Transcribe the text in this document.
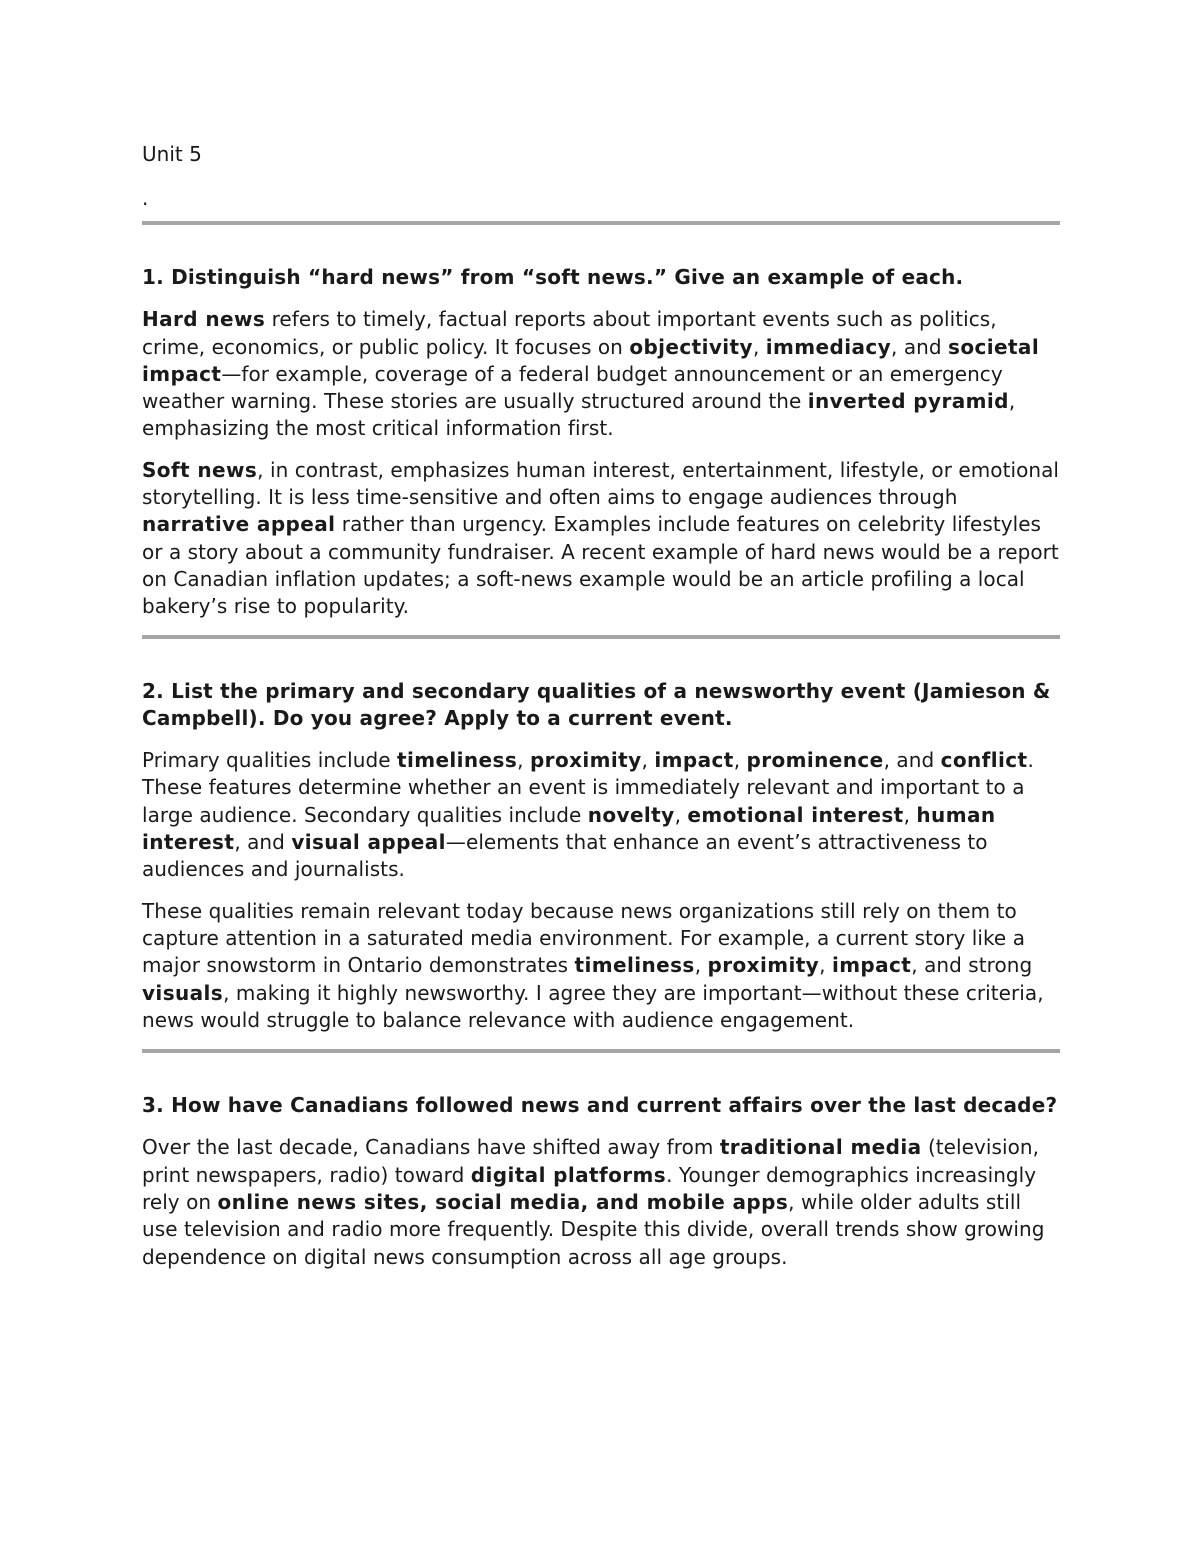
Unit 5

.

1. Distinguish “hard news” from “soft news.” Give an example of each.

Hard news refers to timely, factual reports about important events such as politics, crime, economics, or public policy. It focuses on objectivity, immediacy, and societal impact—for example, coverage of a federal budget announcement or an emergency weather warning. These stories are usually structured around the inverted pyramid, emphasizing the most critical information first.

Soft news, in contrast, emphasizes human interest, entertainment, lifestyle, or emotional storytelling. It is less time-sensitive and often aims to engage audiences through narrative appeal rather than urgency. Examples include features on celebrity lifestyles or a story about a community fundraiser. A recent example of hard news would be a report on Canadian inflation updates; a soft-news example would be an article profiling a local bakery’s rise to popularity.

2. List the primary and secondary qualities of a newsworthy event (Jamieson & Campbell). Do you agree? Apply to a current event.

Primary qualities include timeliness, proximity, impact, prominence, and conflict. These features determine whether an event is immediately relevant and important to a large audience. Secondary qualities include novelty, emotional interest, human interest, and visual appeal—elements that enhance an event’s attractiveness to audiences and journalists.

These qualities remain relevant today because news organizations still rely on them to capture attention in a saturated media environment. For example, a current story like a major snowstorm in Ontario demonstrates timeliness, proximity, impact, and strong visuals, making it highly newsworthy. I agree they are important—without these criteria, news would struggle to balance relevance with audience engagement.

3. How have Canadians followed news and current affairs over the last decade?

Over the last decade, Canadians have shifted away from traditional media (television, print newspapers, radio) toward digital platforms. Younger demographics increasingly rely on online news sites, social media, and mobile apps, while older adults still use television and radio more frequently. Despite this divide, overall trends show growing dependence on digital news consumption across all age groups.
